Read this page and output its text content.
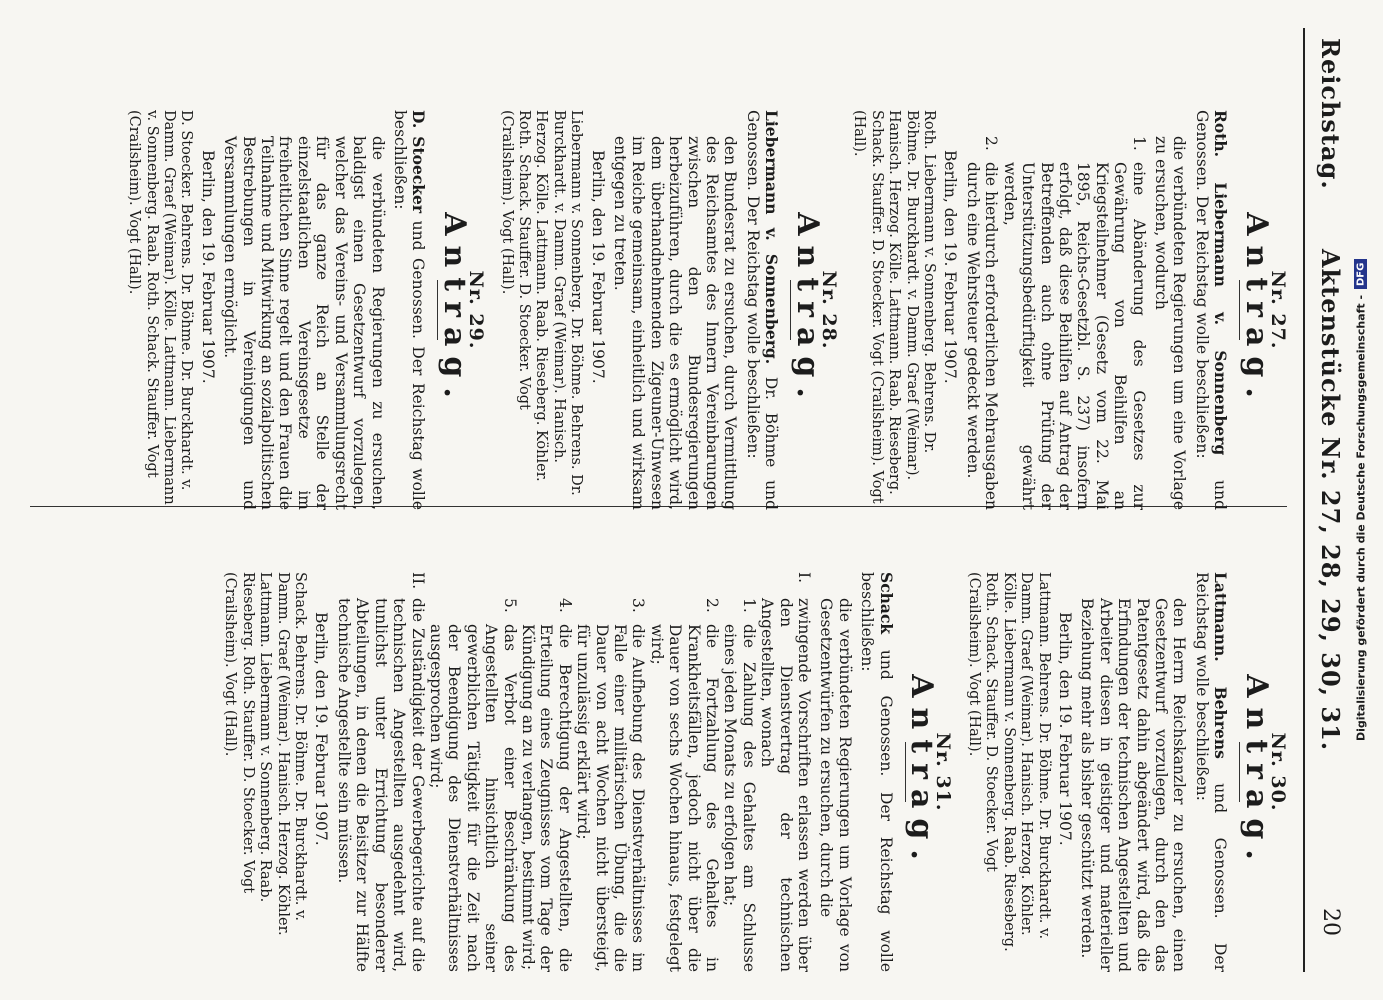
Reichstag.
Aktenstücke Nr. 27, 28, 29, 30, 31.
20
Nr. 27.
Antrag.

Roth. Liebermann v. Sonnenberg und Genossen. Der Reichstag wolle beschließen:

die verbündeten Regierungen um eine Vorlage zu ersuchen, wodurch

1.
eine Abänderung des Gesetzes zur Gewährung von Beihilfen an Kriegsteilnehmer (Gesetz vom 22. Mai 1895, Reichs-Gesetzbl. S. 237) insofern erfolgt, daß diese Beihilfen auf Antrag der Betreffenden auch ohne Prüfung der Unterstützungsbedürftigkeit gewährt werden,
2.
die hierdurch erforderlichen Mehrausgaben durch eine Wehrsteuer gedeckt werden.
Berlin, den 19. Februar 1907.
Roth. Liebermann v. Sonnenberg. Behrens. Dr. Böhme. Dr. Burckhardt. v. Damm. Graef (Weimar). Hanisch. Herzog. Kölle. Lattmann. Raab. Rieseberg. Schack. Stauffer. D. Stoecker. Vogt (Crailsheim). Vogt (Hall).
Nr. 28.
Antrag.

Liebermann v. Sonnenberg. Dr. Böhme und Genossen. Der Reichstag wolle beschließen:

den Bundesrat zu ersuchen, durch Vermittlung des Reichsamtes des Innern Vereinbarungen zwischen den Bundesregierungen herbeizuführen, durch die es ermöglicht wird, dem überhandnehmenden Zigeuner-Unwesen im Reiche gemeinsam, einheitlich und wirksam entgegen zu treten.

Berlin, den 19. Februar 1907.
Liebermann v. Sonnenberg. Dr. Böhme. Behrens. Dr. Burckhardt. v. Damm. Graef (Weimar). Hanisch. Herzog. Kölle. Lattmann. Raab. Rieseberg. Köhler. Roth. Schack. Stauffer. D. Stoecker. Vogt (Crailsheim). Vogt (Hall).
Nr. 29.
Antrag.

D. Stoecker und Genossen. Der Reichstag wolle beschließen:

die verbündeten Regierungen zu ersuchen, baldigst einen Gesetzentwurf vorzulegen, welcher das Vereins- und Versammlungsrecht für das ganze Reich an Stelle der einzelstaatlichen Vereinsgesetze im freiheitlichen Sinne regelt und den Frauen die Teilnahme und Mitwirkung an sozialpolitischen Bestrebungen in Vereinigungen und Versammlungen ermöglicht.

Berlin, den 19. Februar 1907.
D. Stoecker. Behrens. Dr. Böhme. Dr. Burckhardt. v. Damm. Graef (Weimar). Kölle. Lattmann. Liebermann v. Sonnenberg. Raab. Roth. Schack. Stauffer. Vogt (Crailsheim). Vogt (Hall).
Nr. 30.
Antrag.

Lattmann. Behrens und Genossen. Der Reichstag wolle beschließen:

den Herrn Reichskanzler zu ersuchen, einen Gesetzentwurf vorzulegen, durch den das Patentgesetz dahin abgeändert wird, daß die Erfindungen der technischen Angestellten und Arbeiter diesen in geistiger und materieller Beziehung mehr als bisher geschützt werden.

Berlin, den 19. Februar 1907.
Lattmann. Behrens. Dr. Böhme. Dr. Burckhardt. v. Damm. Graef (Weimar). Hanisch. Herzog. Köhler. Kölle. Liebermann v. Sonnenberg. Raab. Rieseberg. Roth. Schack. Stauffer. D. Stoecker. Vogt (Crailsheim). Vogt (Hall).
Nr. 31.
Antrag.

Schack und Genossen. Der Reichstag wolle beschließen:

die verbündeten Regierungen um Vorlage von Gesetzentwürfen zu ersuchen, durch die

I.
zwingende Vorschriften erlassen werden über den Dienstvertrag der technischen Angestellten, wonach
1.
die Zahlung des Gehaltes am Schlusse eines jeden Monats zu erfolgen hat;
2.
die Fortzahlung des Gehaltes in Krankheitsfällen, jedoch nicht über die Dauer von sechs Wochen hinaus, festgelegt wird;
3.
die Aufhebung des Dienstverhältnisses im Falle einer militärischen Übung, die die Dauer von acht Wochen nicht übersteigt, für unzulässig erklärt wird;
4.
die Berechtigung der Angestellten, die Erteilung eines Zeugnisses vom Tage der Kündigung an zu verlangen, bestimmt wird;
5.
das Verbot einer Beschränkung des Angestellten hinsichtlich seiner gewerblichen Tätigkeit für die Zeit nach der Beendigung des Dienstverhältnisses ausgesprochen wird;
II.
die Zuständigkeit der Gewerbegerichte auf die technischen Angestellten ausgedehnt wird, tunlichst unter Errichtung besonderer Abteilungen, in denen die Beisitzer zur Hälfte technische Angestellte sein müssen.
Berlin, den 19. Februar 1907.
Schack. Behrens. Dr. Böhme. Dr. Burckhardt. v. Damm. Graef (Weimar). Hanisch. Herzog. Köhler. Lattmann. Liebermann v. Sonnenberg. Raab. Rieseberg. Roth. Stauffer. D. Stoecker. Vogt (Crailsheim). Vogt (Hall).	Digitalisierung gefördert durch die Deutsche Forschungsgemeinschaft -
DFG
